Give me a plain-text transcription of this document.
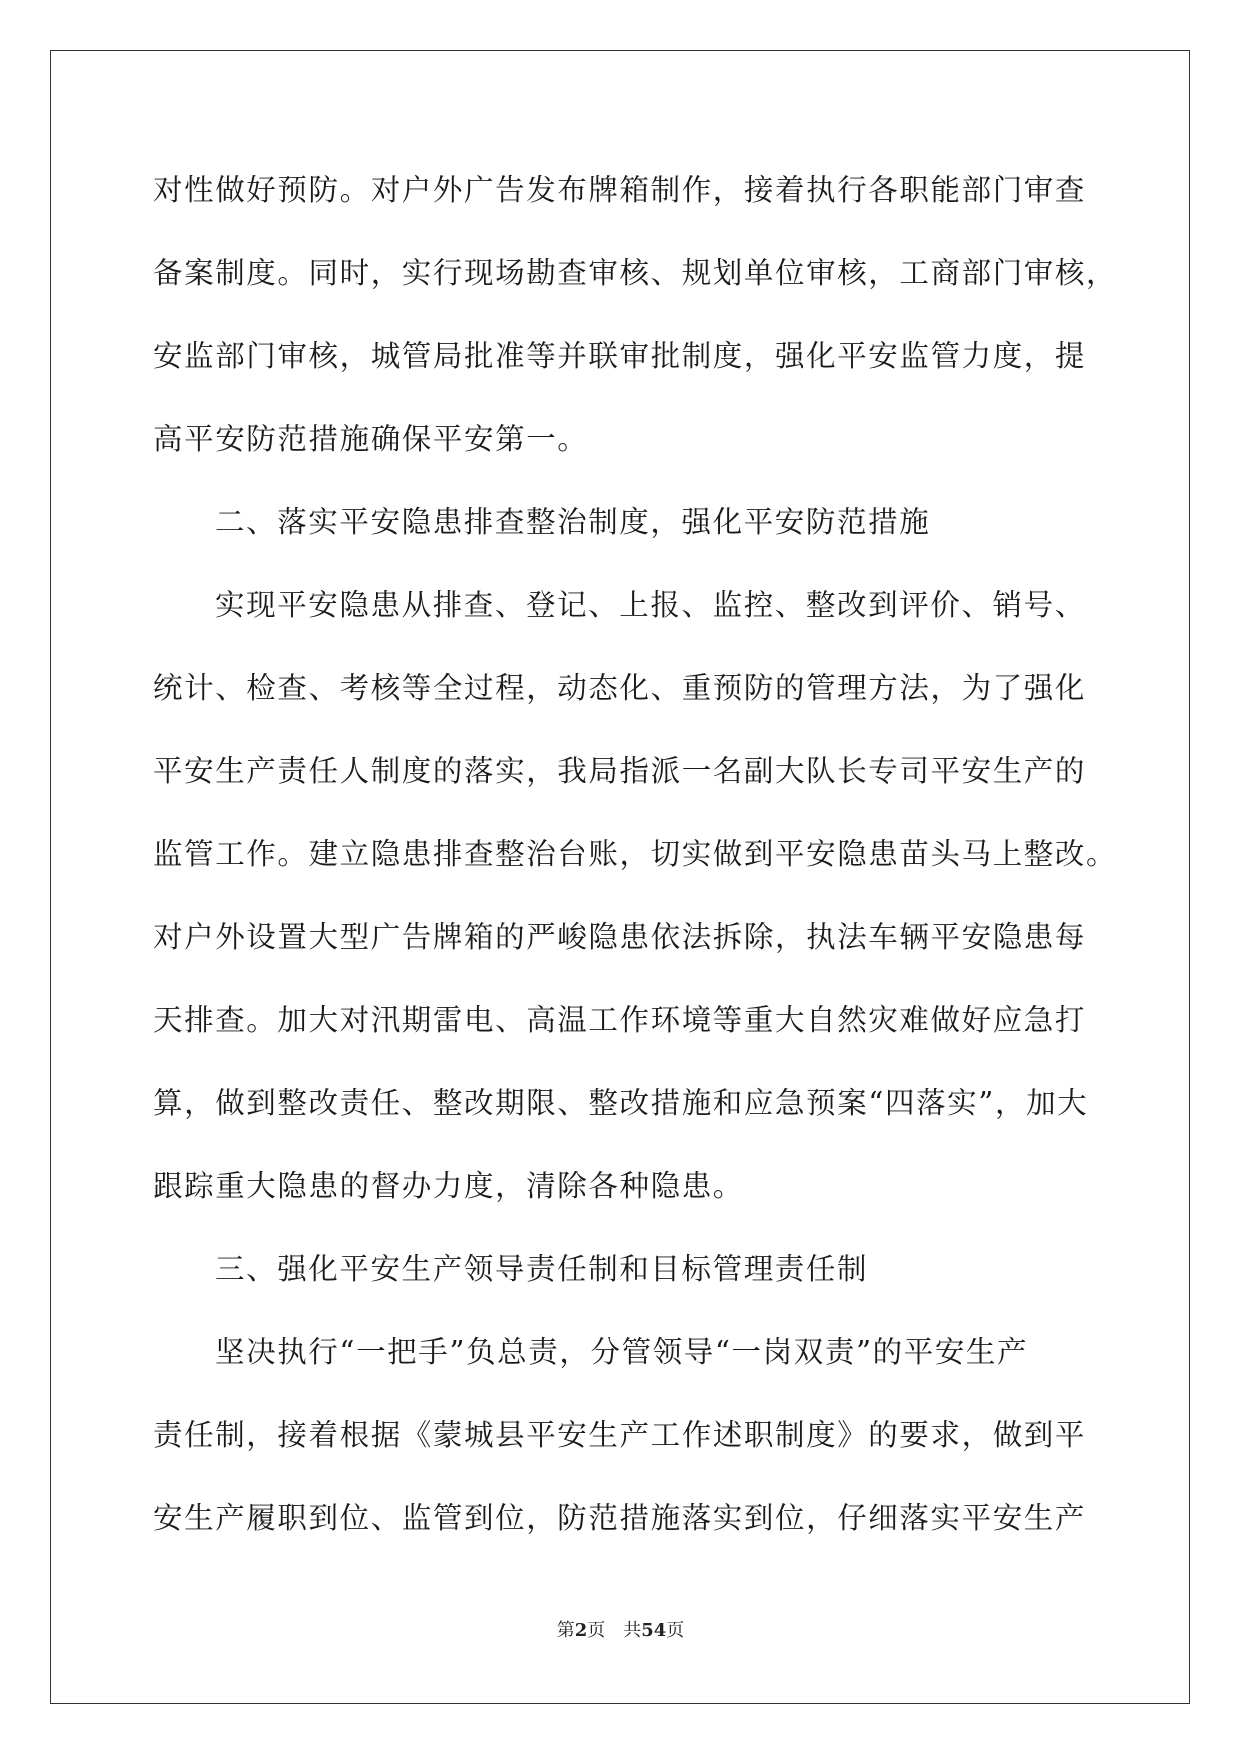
对性做好预防。对户外广告发布牌箱制作，接着执行各职能部门审查
备案制度。同时，实行现场勘查审核、规划单位审核，工商部门审核，
安监部门审核，城管局批准等并联审批制度，强化平安监管力度，提
高平安防范措施确保平安第一。
二、落实平安隐患排查整治制度，强化平安防范措施
实现平安隐患从排查、登记、上报、监控、整改到评价、销号、
统计、检查、考核等全过程，动态化、重预防的管理方法，为了强化
平安生产责任人制度的落实，我局指派一名副大队长专司平安生产的
监管工作。建立隐患排查整治台账，切实做到平安隐患苗头马上整改。
对户外设置大型广告牌箱的严峻隐患依法拆除，执法车辆平安隐患每
天排查。加大对汛期雷电、高温工作环境等重大自然灾难做好应急打
算，做到整改责任、整改期限、整改措施和应急预案“四落实”，加大
跟踪重大隐患的督办力度，清除各种隐患。
三、强化平安生产领导责任制和目标管理责任制
坚决执行“一把手”负总责，分管领导“一岗双责”的平安生产
责任制，接着根据《蒙城县平安生产工作述职制度》的要求，做到平
安生产履职到位、监管到位，防范措施落实到位，仔细落实平安生产
第2页 共54页
